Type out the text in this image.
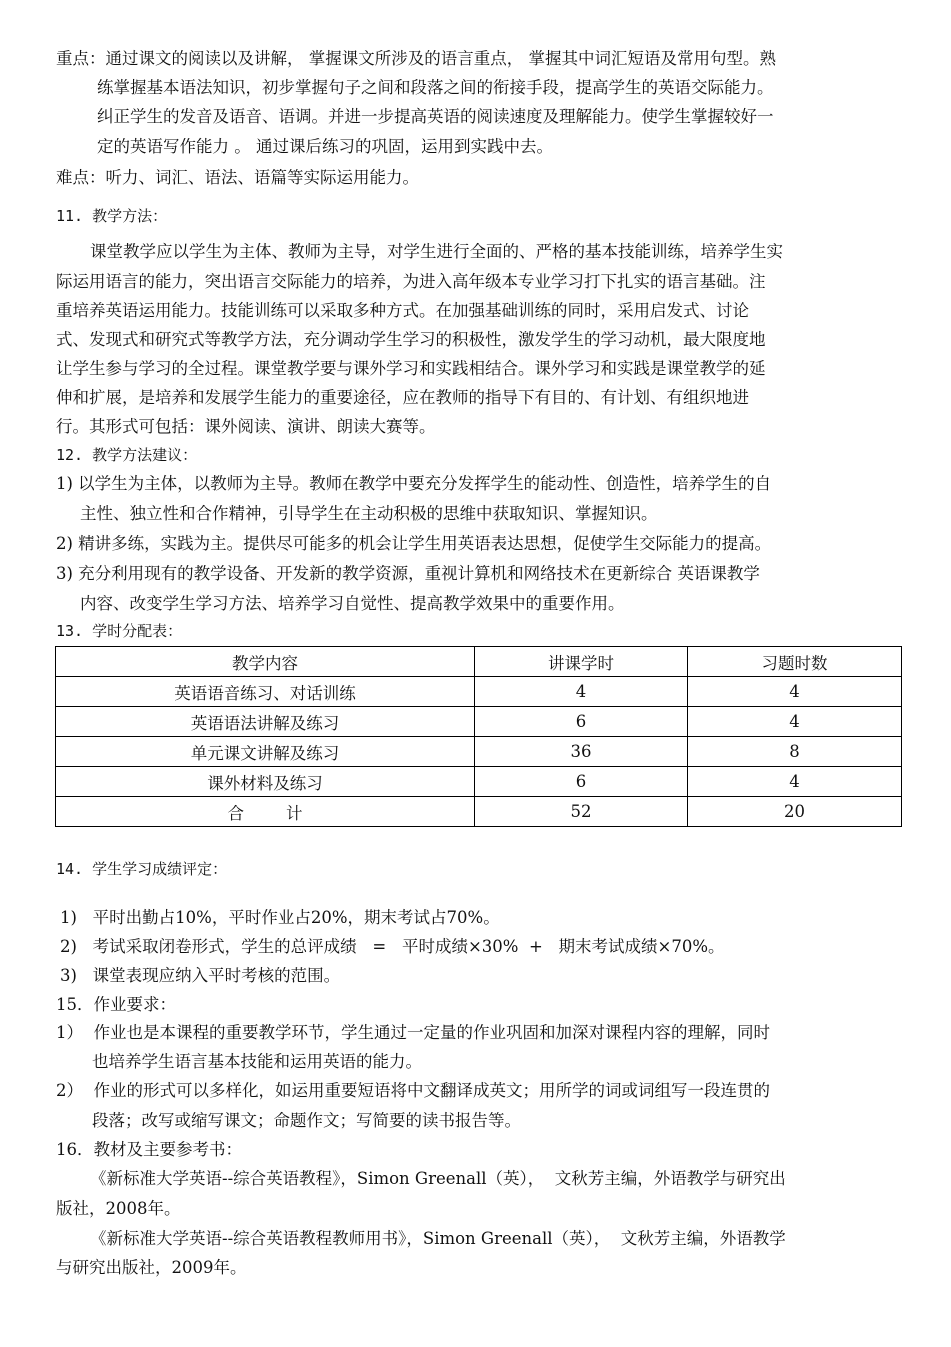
重点：通过课文的阅读以及讲解， 掌握课文所涉及的语言重点， 掌握其中词汇短语及常用句型。熟
练掌握基本语法知识，初步掌握句子之间和段落之间的衔接手段，提高学生的英语交际能力。
纠正学生的发音及语音、语调。并进一步提高英语的阅读速度及理解能力。使学生掌握较好一
定的英语写作能力 。 通过课后练习的巩固，运用到实践中去。
难点：听力、词汇、语法、语篇等实际运用能力。
11. 教学方法：
课堂教学应以学生为主体、教师为主导，对学生进行全面的、严格的基本技能训练，培养学生实
际运用语言的能力，突出语言交际能力的培养，为进入高年级本专业学习打下扎实的语言基础。注
重培养英语运用能力。技能训练可以采取多种方式。在加强基础训练的同时，采用启发式、讨论
式、发现式和研究式等教学方法，充分调动学生学习的积极性，激发学生的学习动机，最大限度地
让学生参与学习的全过程。课堂教学要与课外学习和实践相结合。课外学习和实践是课堂教学的延
伸和扩展，是培养和发展学生能力的重要途径，应在教师的指导下有目的、有计划、有组织地进
行。其形式可包括：课外阅读、演讲、朗读大赛等。
12. 教学方法建议：
1) 以学生为主体，以教师为主导。教师在教学中要充分发挥学生的能动性、创造性，培养学生的自
主性、独立性和合作精神，引导学生在主动积极的思维中获取知识、掌握知识。
2) 精讲多练，实践为主。提供尽可能多的机会让学生用英语表达思想，促使学生交际能力的提高。
3) 充分利用现有的教学设备、开发新的教学资源，重视计算机和网络技术在更新综合 英语课教学
内容、改变学生学习方法、培养学习自觉性、提高教学效果中的重要作用。
13. 学时分配表：
教学内容	讲课学时	习题时数
英语语音练习、对话训练	4	4
英语语法讲解及练习	6	4
单元课文讲解及练习	36	8
课外材料及练习	6	4
合        计	52	20
14. 学生学习成绩评定：
1)   平时出勤占10%，平时作业占20%，期末考试占70%。
2)   考试采取闭卷形式，学生的总评成绩   =   平时成绩×30%  +   期末考试成绩×70%。
3)   课堂表现应纳入平时考核的范围。
15．作业要求：
1）  作业也是本课程的重要教学环节，学生通过一定量的作业巩固和加深对课程内容的理解，同时
也培养学生语言基本技能和运用英语的能力。
2）  作业的形式可以多样化，如运用重要短语将中文翻译成英文；用所学的词或词组写一段连贯的
段落；改写或缩写课文；命题作文；写简要的读书报告等。
16．教材及主要参考书：
《新标准大学英语--综合英语教程》，Simon Greenall（英），  文秋芳主编，外语教学与研究出
版社，2008年。
《新标准大学英语--综合英语教程教师用书》，Simon Greenall（英），  文秋芳主编，外语教学
与研究出版社，2009年。
